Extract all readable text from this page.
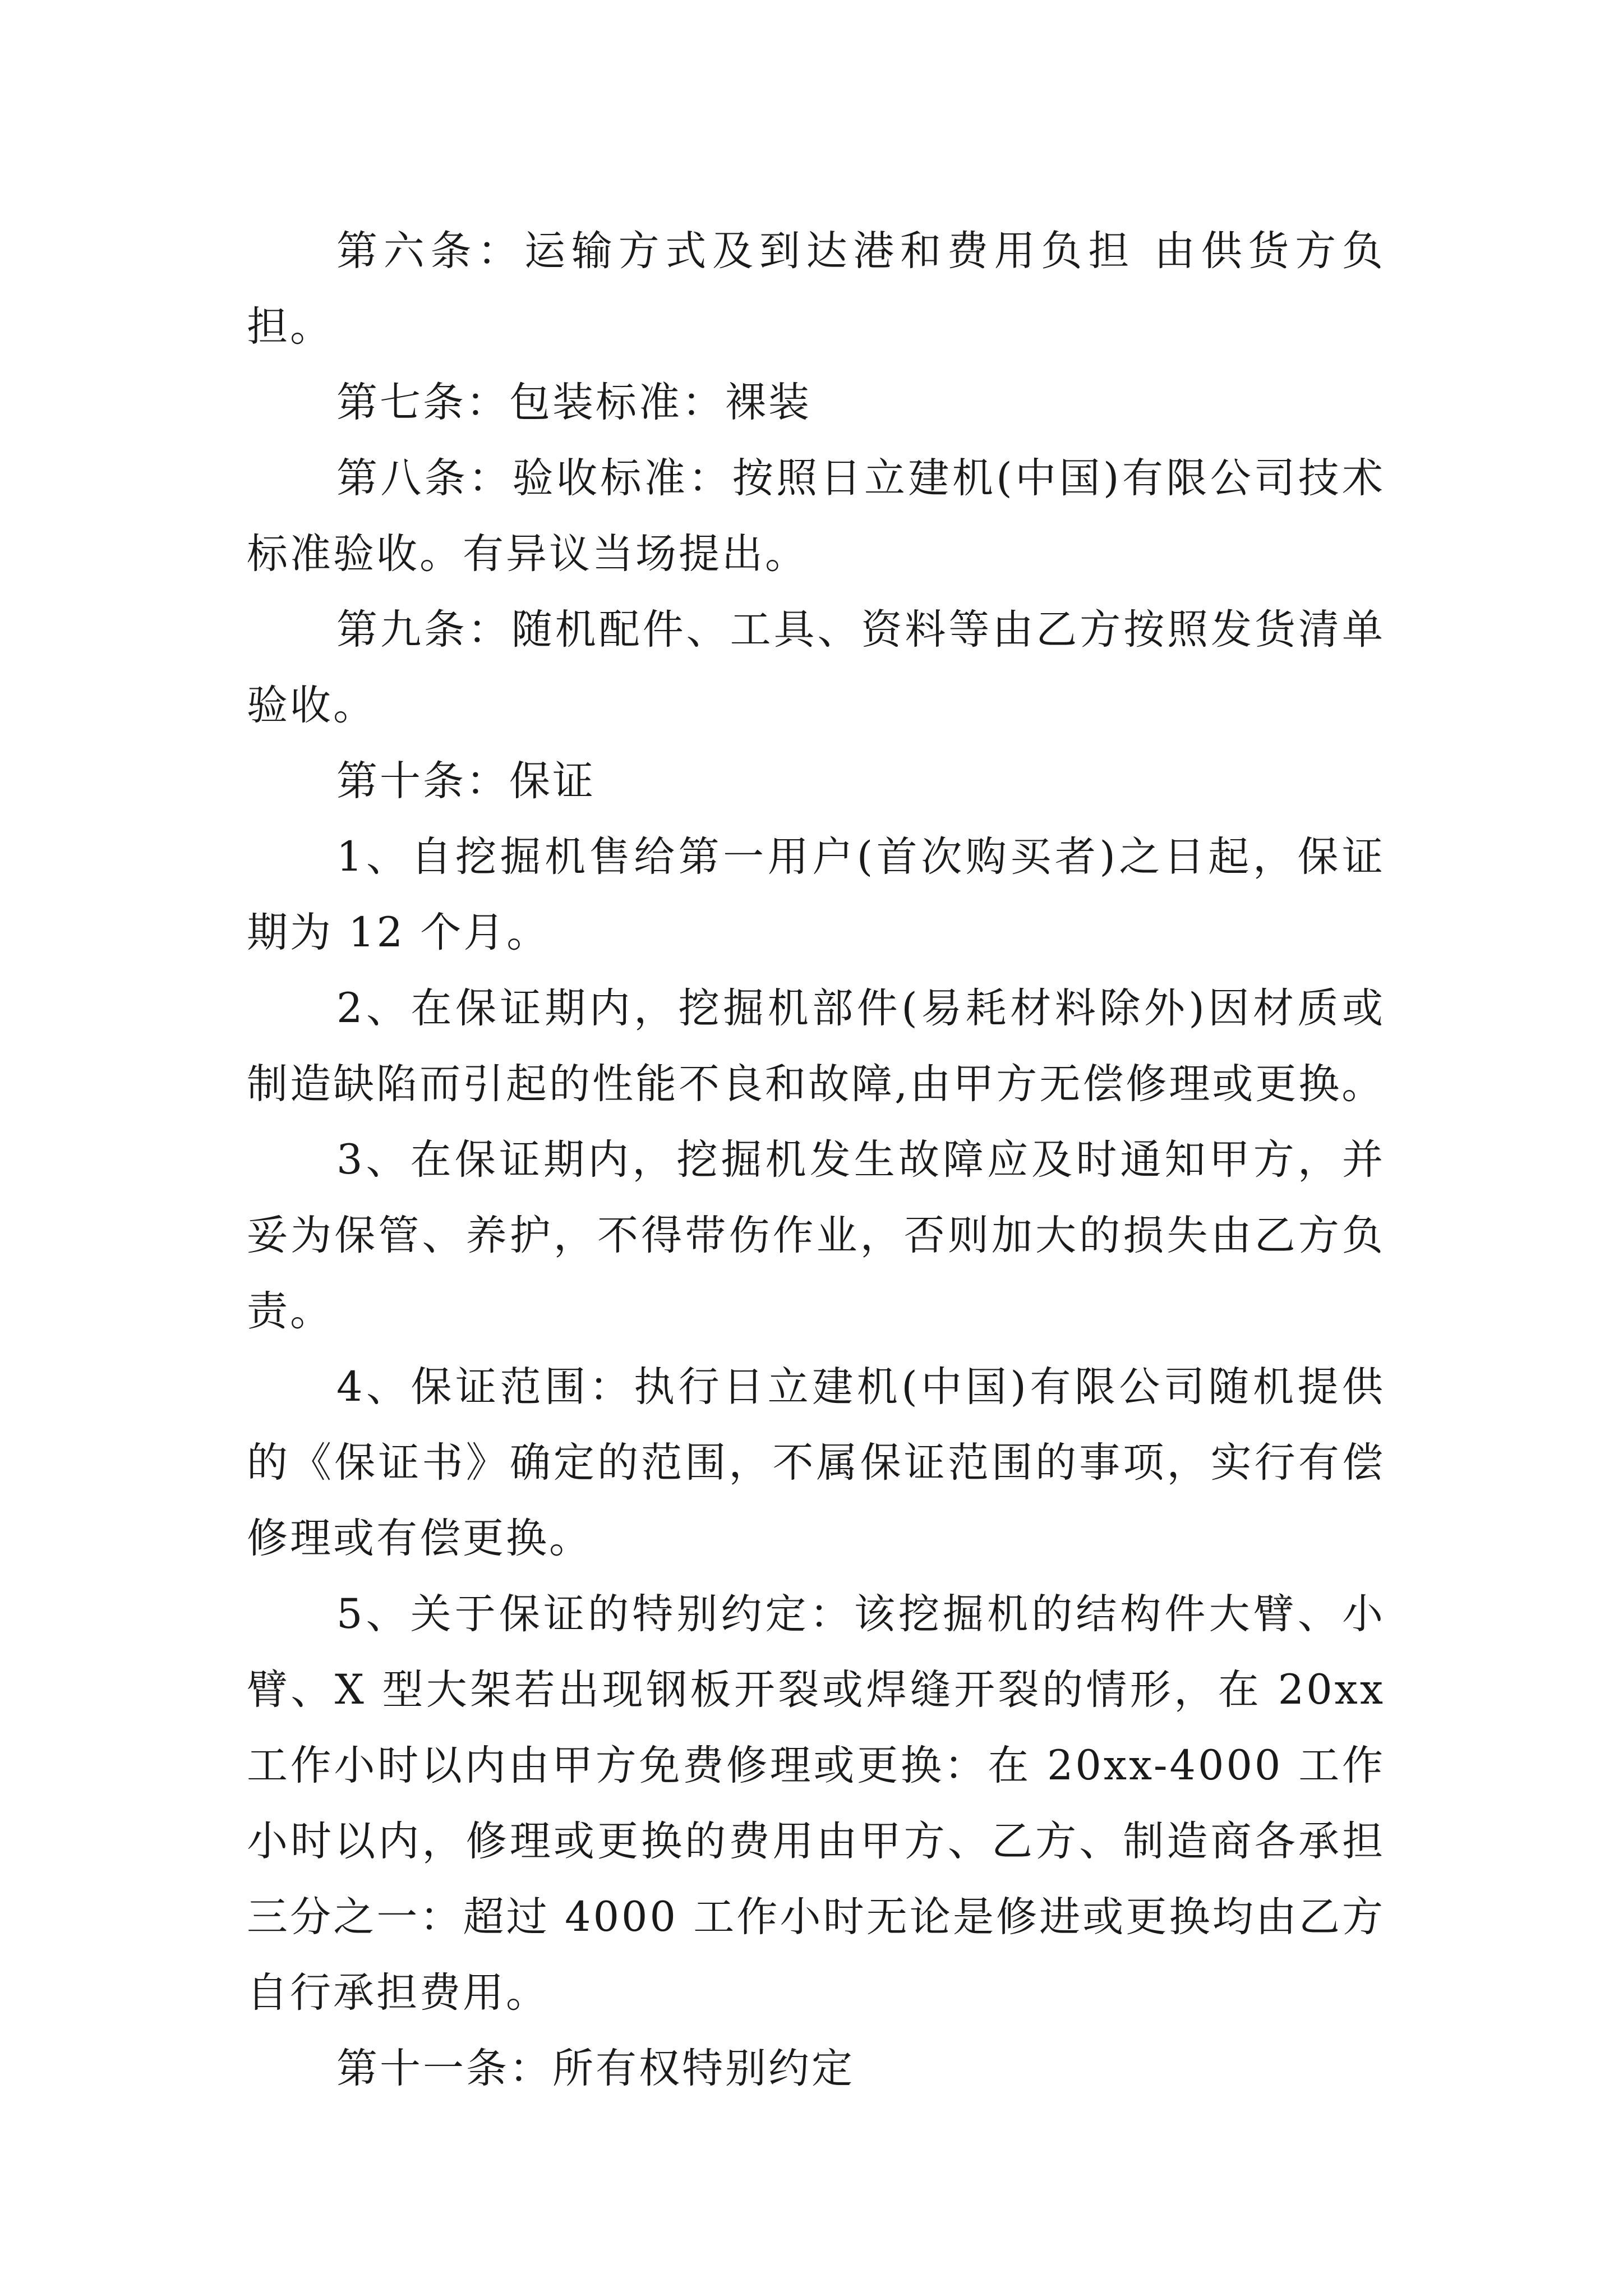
第六条：运输方式及到达港和费用负担 由供货方负担。

第七条：包装标准：裸装

第八条：验收标准：按照日立建机(中国)有限公司技术标准验收。有异议当场提出。

第九条：随机配件、工具、资料等由乙方按照发货清单验收。

第十条：保证

1、自挖掘机售给第一用户(首次购买者)之日起，保证期为 12 个月。

2、在保证期内，挖掘机部件(易耗材料除外)因材质或制造缺陷而引起的性能不良和故障,由甲方无偿修理或更换。

3、在保证期内，挖掘机发生故障应及时通知甲方，并妥为保管、养护，不得带伤作业，否则加大的损失由乙方负责。

4、保证范围：执行日立建机(中国)有限公司随机提供的《保证书》确定的范围，不属保证范围的事项，实行有偿修理或有偿更换。

5、关于保证的特别约定：该挖掘机的结构件大臂、小臂、X 型大架若出现钢板开裂或焊缝开裂的情形，在 20xx 工作小时以内由甲方免费修理或更换：在 20xx-4000 工作小时以内，修理或更换的费用由甲方、乙方、制造商各承担三分之一：超过 4000 工作小时无论是修进或更换均由乙方自行承担费用。

第十一条：所有权特别约定
